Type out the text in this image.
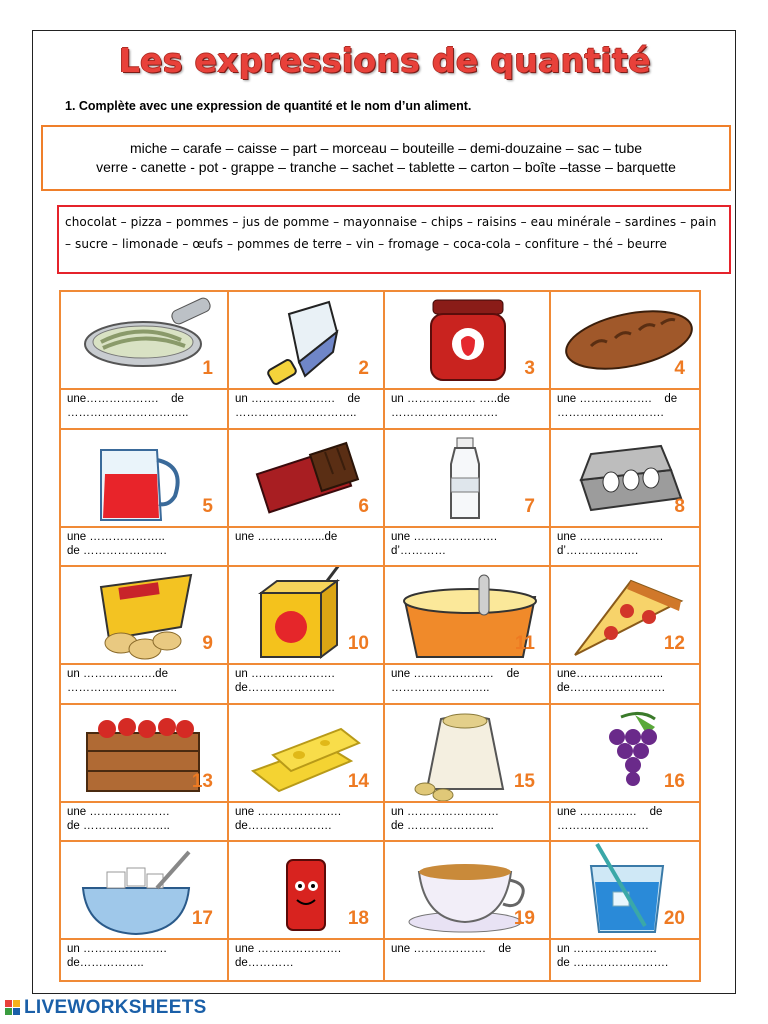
Les expressions de quantité
1. Complète avec une expression de quantité et le nom d’un aliment.
miche – carafe – caisse – part – morceau – bouteille – demi-douzaine – sac – tube
verre - canette - pot - grappe – tranche – sachet – tablette – carton – boîte –tasse – barquette
chocolat – pizza – pommes – jus de pomme – mayonnaise – chips – raisins – eau minérale – sardines – pain – sucre – limonade – œufs – pommes de terre – vin – fromage – coca-cola – confiture – thé – beurre
1
une……………….    de
…………………………..
2
un ………………….    de
…………………………..
3
un ……………… …..de
……………………….
4
une ……………….    de
……………………….
5
une ………………..
de ………………….
6
une ……………...de
7
une ………………….
d’…………
8
une ………………….
d’……………….
9
un ……………….de
………………………..
10
un ………………….
de…………………..
11
une …………………    de
……………………..
12
une…………………..
de…………………….
13
une …………………
de …………………..
14
une ………………….
de………………….
15
un ……………………
de …………………..
16
une ……………    de
……………………
17
un ………………….
de……………..
18
une ………………….
de…………
19
une ……………….    de
20
un ………………….
de …………………….
LIVEWORKSHEETS
